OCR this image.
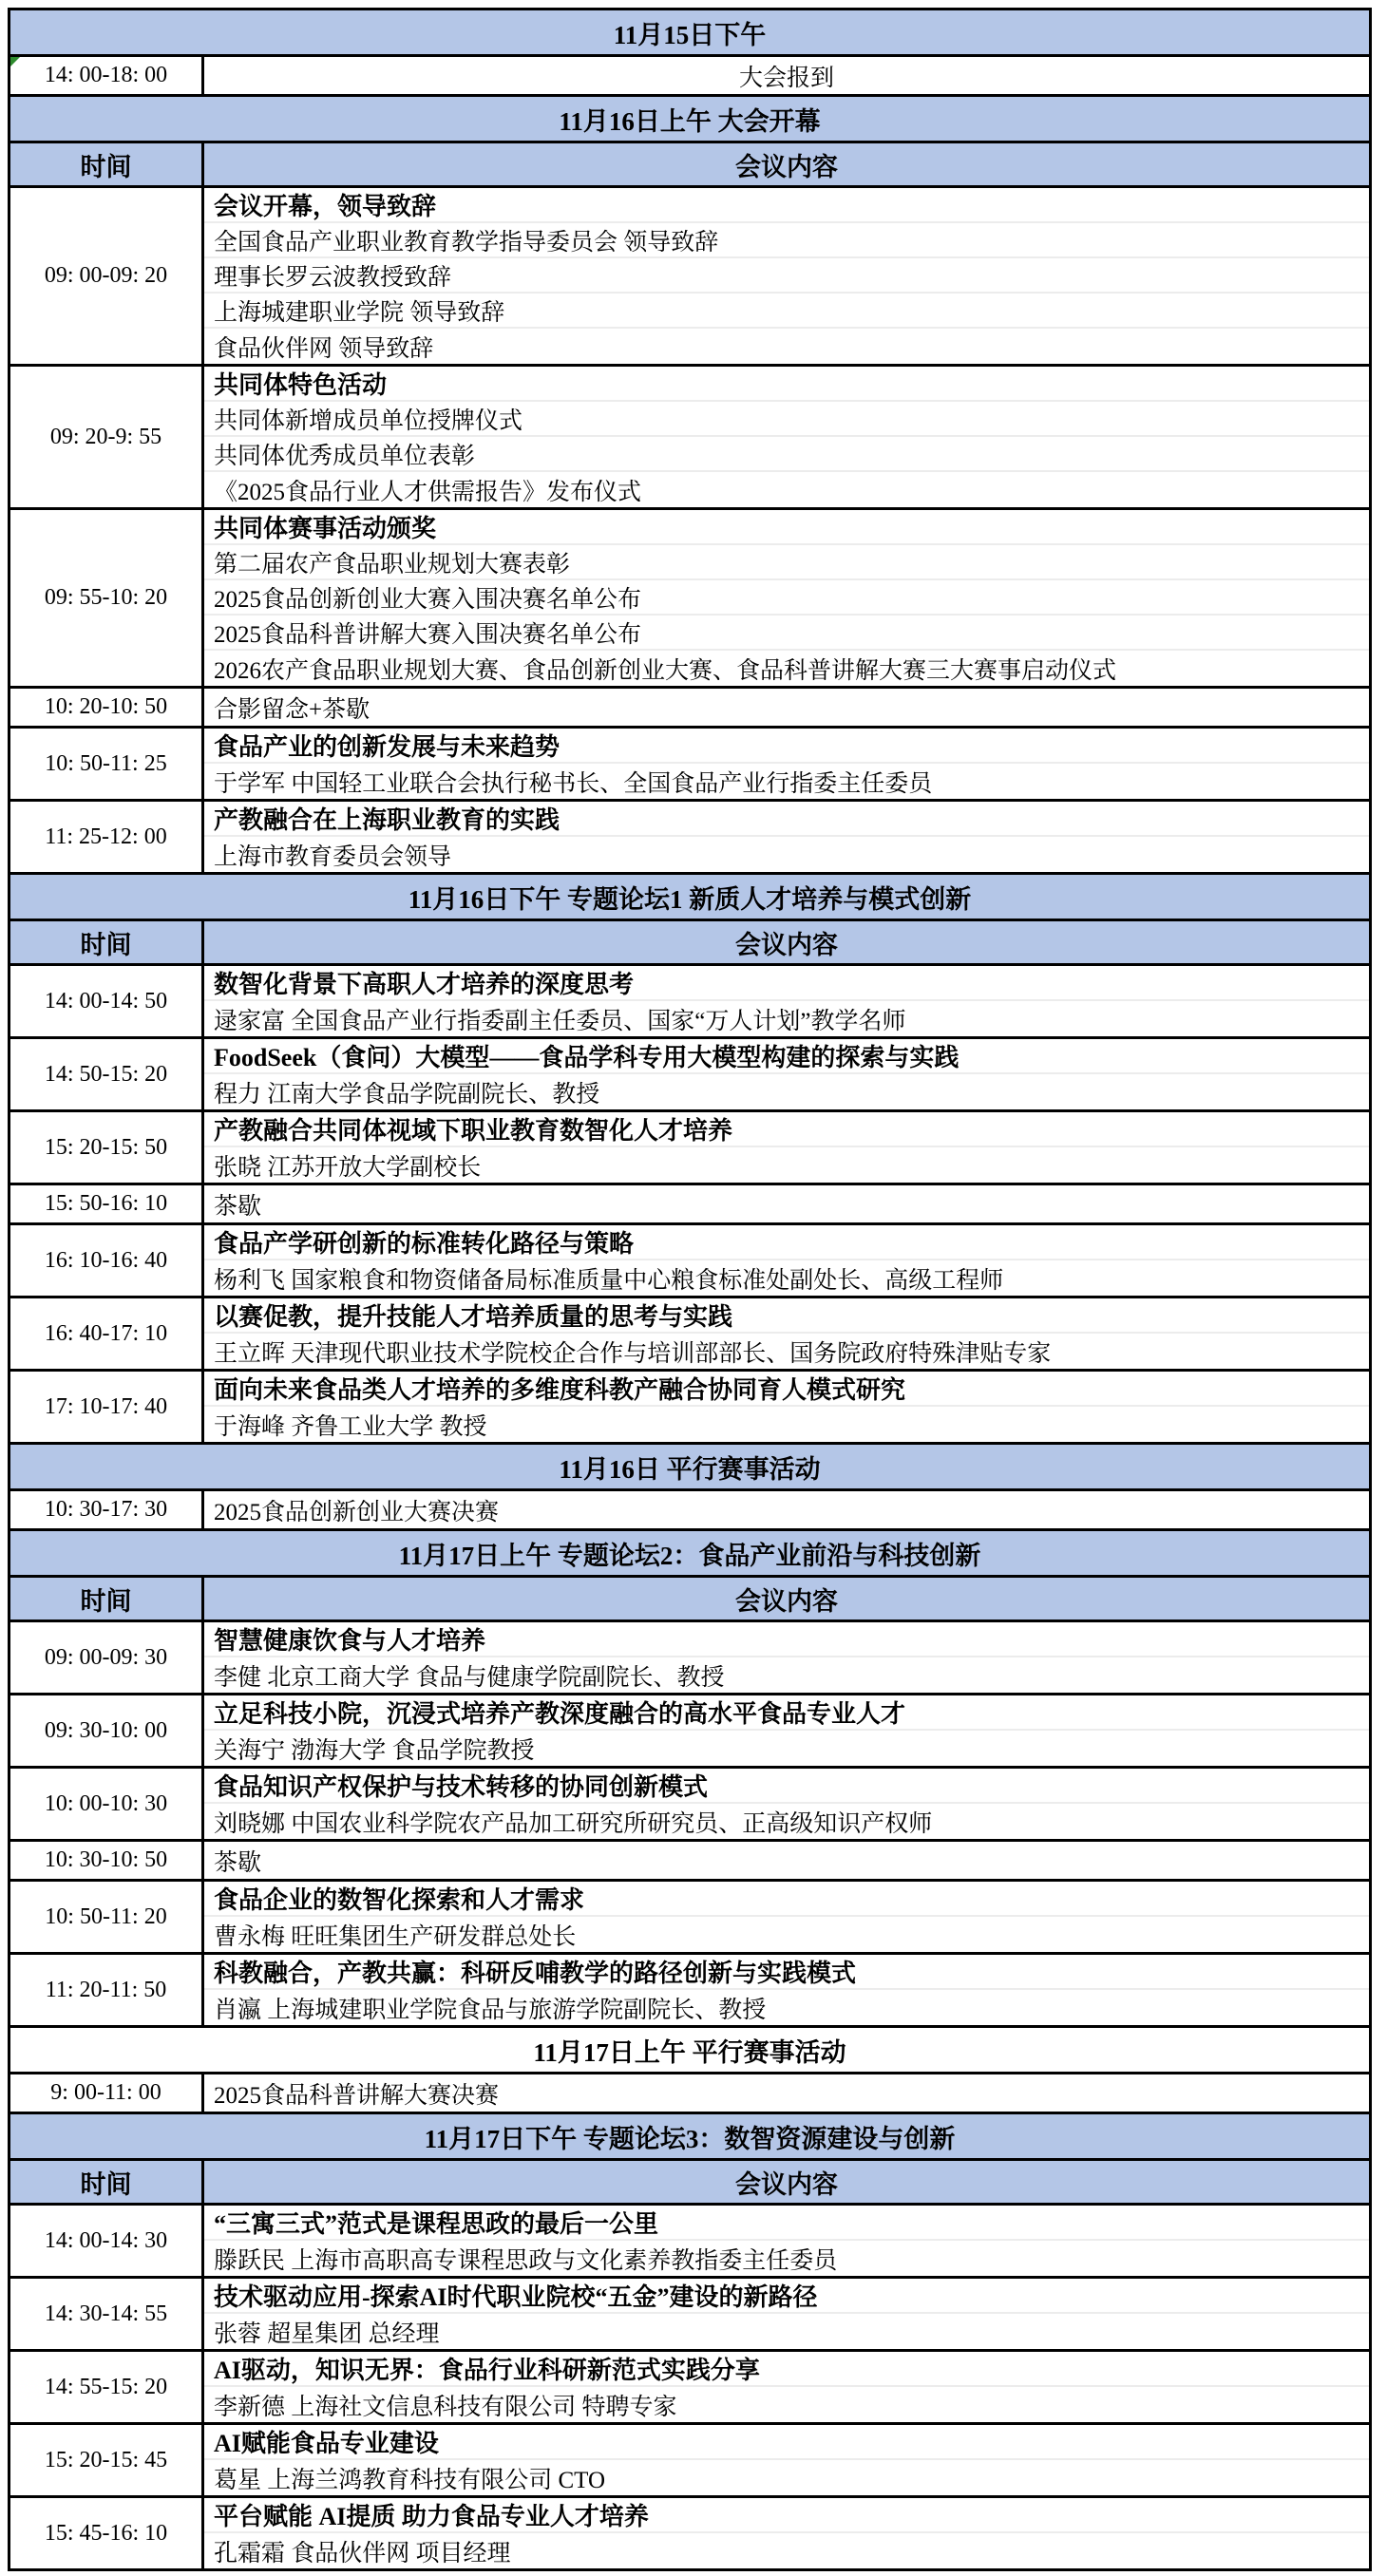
11月15日下午
14: 00-18: 00	大会报到
11月16日上午 大会开幕
时间	会议内容
09: 00-09: 20
会议开幕，领导致辞
全国食品产业职业教育教学指导委员会 领导致辞
理事长罗云波教授致辞
上海城建职业学院 领导致辞
食品伙伴网 领导致辞
09: 20-9: 55
共同体特色活动
共同体新增成员单位授牌仪式
共同体优秀成员单位表彰
《2025食品行业人才供需报告》发布仪式
09: 55-10: 20
共同体赛事活动颁奖
第二届农产食品职业规划大赛表彰
2025食品创新创业大赛入围决赛名单公布
2025食品科普讲解大赛入围决赛名单公布
2026农产食品职业规划大赛、食品创新创业大赛、食品科普讲解大赛三大赛事启动仪式
10: 20-10: 50 合影留念+茶歇
10: 50-11: 25
食品产业的创新发展与未来趋势
于学军 中国轻工业联合会执行秘书长、全国食品产业行指委主任委员
11: 25-12: 00
产教融合在上海职业教育的实践
上海市教育委员会领导
11月16日下午 专题论坛1 新质人才培养与模式创新
时间	会议内容
14: 00-14: 50
数智化背景下高职人才培养的深度思考
逯家富 全国食品产业行指委副主任委员、国家“万人计划”教学名师
14: 50-15: 20
FoodSeek（食问）大模型——食品学科专用大模型构建的探索与实践
程力 江南大学食品学院副院长、教授
15: 20-15: 50
产教融合共同体视域下职业教育数智化人才培养
张晓 江苏开放大学副校长
15: 50-16: 10 茶歇
16: 10-16: 40
食品产学研创新的标准转化路径与策略
杨利飞 国家粮食和物资储备局标准质量中心粮食标准处副处长、高级工程师
16: 40-17: 10
以赛促教，提升技能人才培养质量的思考与实践
王立晖 天津现代职业技术学院校企合作与培训部部长、国务院政府特殊津贴专家
17: 10-17: 40
面向未来食品类人才培养的多维度科教产融合协同育人模式研究
于海峰 齐鲁工业大学 教授
11月16日 平行赛事活动
10: 30-17: 30 2025食品创新创业大赛决赛
11月17日上午 专题论坛2：食品产业前沿与科技创新
时间	会议内容
09: 00-09: 30
智慧健康饮食与人才培养
李健 北京工商大学 食品与健康学院副院长、教授
09: 30-10: 00
立足科技小院，沉浸式培养产教深度融合的高水平食品专业人才
关海宁 渤海大学 食品学院教授
10: 00-10: 30
食品知识产权保护与技术转移的协同创新模式
刘晓娜 中国农业科学院农产品加工研究所研究员、正高级知识产权师
10: 30-10: 50 茶歇
10: 50-11: 20
食品企业的数智化探索和人才需求
曹永梅 旺旺集团生产研发群总处长
11: 20-11: 50
科教融合，产教共赢：科研反哺教学的路径创新与实践模式
肖瀛 上海城建职业学院食品与旅游学院副院长、教授
11月17日上午 平行赛事活动
9: 00-11: 00 2025食品科普讲解大赛决赛
11月17日下午 专题论坛3：数智资源建设与创新
时间	会议内容
14: 00-14: 30
“三寓三式”范式是课程思政的最后一公里
滕跃民 上海市高职高专课程思政与文化素养教指委主任委员
14: 30-14: 55
技术驱动应用-探索AI时代职业院校“五金”建设的新路径
张蓉 超星集团 总经理
14: 55-15: 20
AI驱动，知识无界：食品行业科研新范式实践分享
李新德 上海社文信息科技有限公司 特聘专家
15: 20-15: 45
AI赋能食品专业建设
葛星 上海兰鸿教育科技有限公司 CTO
15: 45-16: 10
平台赋能 AI提质 助力食品专业人才培养
孔霜霜 食品伙伴网 项目经理
